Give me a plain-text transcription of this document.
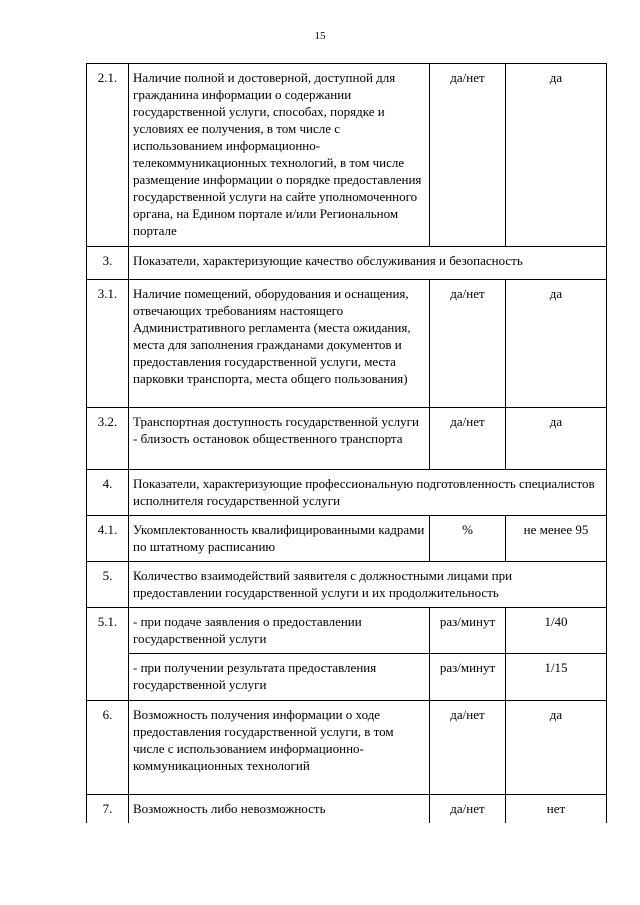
15
2.1.	Наличие полной и достоверной, доступной для гражданина информации о содержании государственной услуги, способах, порядке и условиях ее получения, в том числе с использованием информационно-телекоммуникационных технологий, в том числе размещение информации о порядке предоставления государственной услуги на сайте уполномоченного органа, на Едином портале и/или Региональном портале	да/нет	да
3.	Показатели, характеризующие качество обслуживания и безопасность		
3.1.	Наличие помещений, оборудования и оснащения, отвечающих требованиям настоящего Административного регламента (места ожидания, места для заполнения гражданами документов и предоставления государственной услуги, места парковки транспорта, места общего пользования)	да/нет	да
3.2.	Транспортная доступность государственной услуги - близость остановок общественного транспорта	да/нет	да
4.	Показатели, характеризующие профессиональную подготовленность специалистов исполнителя государственной услуги		
4.1.	Укомплектованность квалифицированными кадрами по штатному расписанию	%	не менее 95
5.	Количество взаимодействий заявителя с должностными лицами при предоставлении государственной услуги и их продолжительность		
5.1.	- при подаче заявления о предоставлении государственной услуги	раз/минут	1/40
	- при получении результата предоставления государственной услуги	раз/минут	1/15
6.	Возможность получения информации о ходе предоставления государственной услуги, в том числе с использованием информационно-коммуникационных технологий	да/нет	да
7.	Возможность либо невозможность	да/нет	нет
